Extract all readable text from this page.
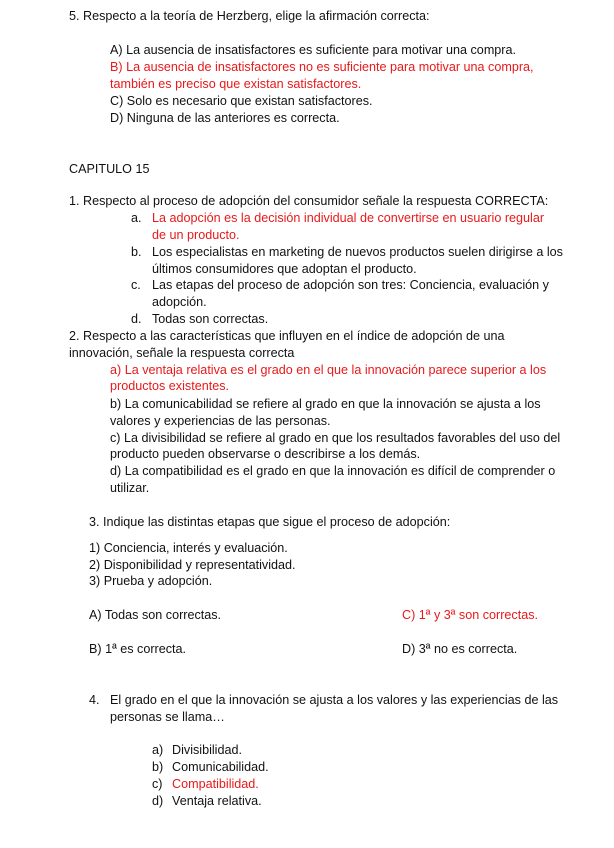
5. Respecto a la teoría de Herzberg, elige la afirmación correcta:
A) La ausencia de insatisfactores es suficiente para motivar una compra.
B) La ausencia de insatisfactores no es suficiente para motivar una compra,
también es preciso que existan satisfactores.
C) Solo es necesario que existan satisfactores.
D) Ninguna de las anteriores es correcta.
CAPITULO 15
1. Respecto al proceso de adopción del consumidor señale la respuesta CORRECTA:
a. La adopción es la decisión individual de convertirse en usuario regular
de un producto.
b. Los especialistas en marketing de nuevos productos suelen dirigirse a los
últimos consumidores que adoptan el producto.
c. Las etapas del proceso de adopción son tres: Conciencia, evaluación y
adopción.
d. Todas son correctas.
2. Respecto a las características que influyen en el índice de adopción de una
innovación, señale la respuesta correcta
a) La ventaja relativa es el grado en el que la innovación parece superior a los
productos existentes.
b) La comunicabilidad se refiere al grado en que la innovación se ajusta a los
valores y experiencias de las personas.
c) La divisibilidad se refiere al grado en que los resultados favorables del uso del
producto pueden observarse o describirse a los demás.
d) La compatibilidad es el grado en que la innovación es difícil de comprender o
utilizar.
3. Indique las distintas etapas que sigue el proceso de adopción:
1) Conciencia, interés y evaluación.
2) Disponibilidad y representatividad.
3) Prueba y adopción.
A) Todas son correctas.	C) 1ª y 3ª son correctas.
B) 1ª es correcta.	D) 3ª no es correcta.
4. El grado en el que la innovación se ajusta a los valores y las experiencias de las
personas se llama…
a) Divisibilidad.
b) Comunicabilidad.
c) Compatibilidad.
d) Ventaja relativa.
